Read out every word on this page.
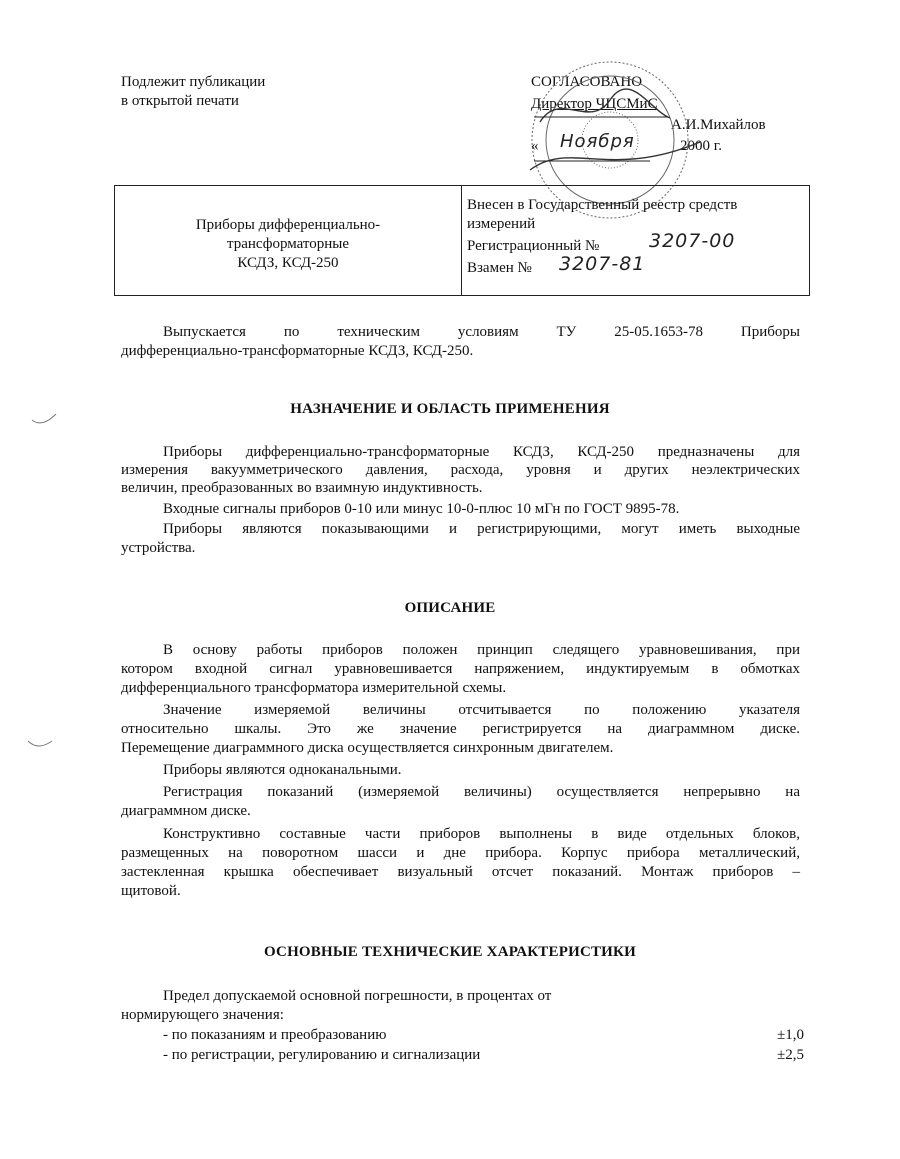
Подлежит публикации
в открытой печати
СОГЛАСОВАНО
Директор ЧЦСМиС
А.И.Михайлов
« Ноября	2000 г.
Приборы дифференциально-
трансформаторные
КСДЗ, КСД-250
Внесен в Государственный реестр средств
измерений
Регистрационный №	3207-00
Взамен № 3207-81
Выпускается по техническим условиям ТУ 25-05.1653-78 Приборы
дифференциально-трансформаторные КСДЗ, КСД-250.
НАЗНАЧЕНИЕ И ОБЛАСТЬ ПРИМЕНЕНИЯ
Приборы дифференциально-трансформаторные КСДЗ, КСД-250 предназначены для
измерения вакуумметрического давления, расхода, уровня и других неэлектрических
величин, преобразованных во взаимную индуктивность.
Входные сигналы приборов 0-10 или минус 10-0-плюс 10 мГн по ГОСТ 9895-78.
Приборы являются показывающими и регистрирующими, могут иметь выходные
устройства.
ОПИСАНИЕ
В основу работы приборов положен принцип следящего уравновешивания, при
котором входной сигнал уравновешивается напряжением, индуктируемым в обмотках
дифференциального трансформатора измерительной схемы.
Значение измеряемой величины отсчитывается по положению указателя
относительно шкалы. Это же значение регистрируется на диаграммном диске.
Перемещение диаграммного диска осуществляется синхронным двигателем.
Приборы являются одноканальными.
Регистрация показаний (измеряемой величины) осуществляется непрерывно на
диаграммном диске.
Конструктивно составные части приборов выполнены в виде отдельных блоков,
размещенных на поворотном шасси и дне прибора. Корпус прибора металлический,
застекленная крышка обеспечивает визуальный отсчет показаний. Монтаж приборов –
щитовой.
ОСНОВНЫЕ ТЕХНИЧЕСКИЕ ХАРАКТЕРИСТИКИ
Предел допускаемой основной погрешности, в процентах от
нормирующего значения:
- по показаниям и преобразованию	±1,0
- по регистрации, регулированию и сигнализации	±2,5
